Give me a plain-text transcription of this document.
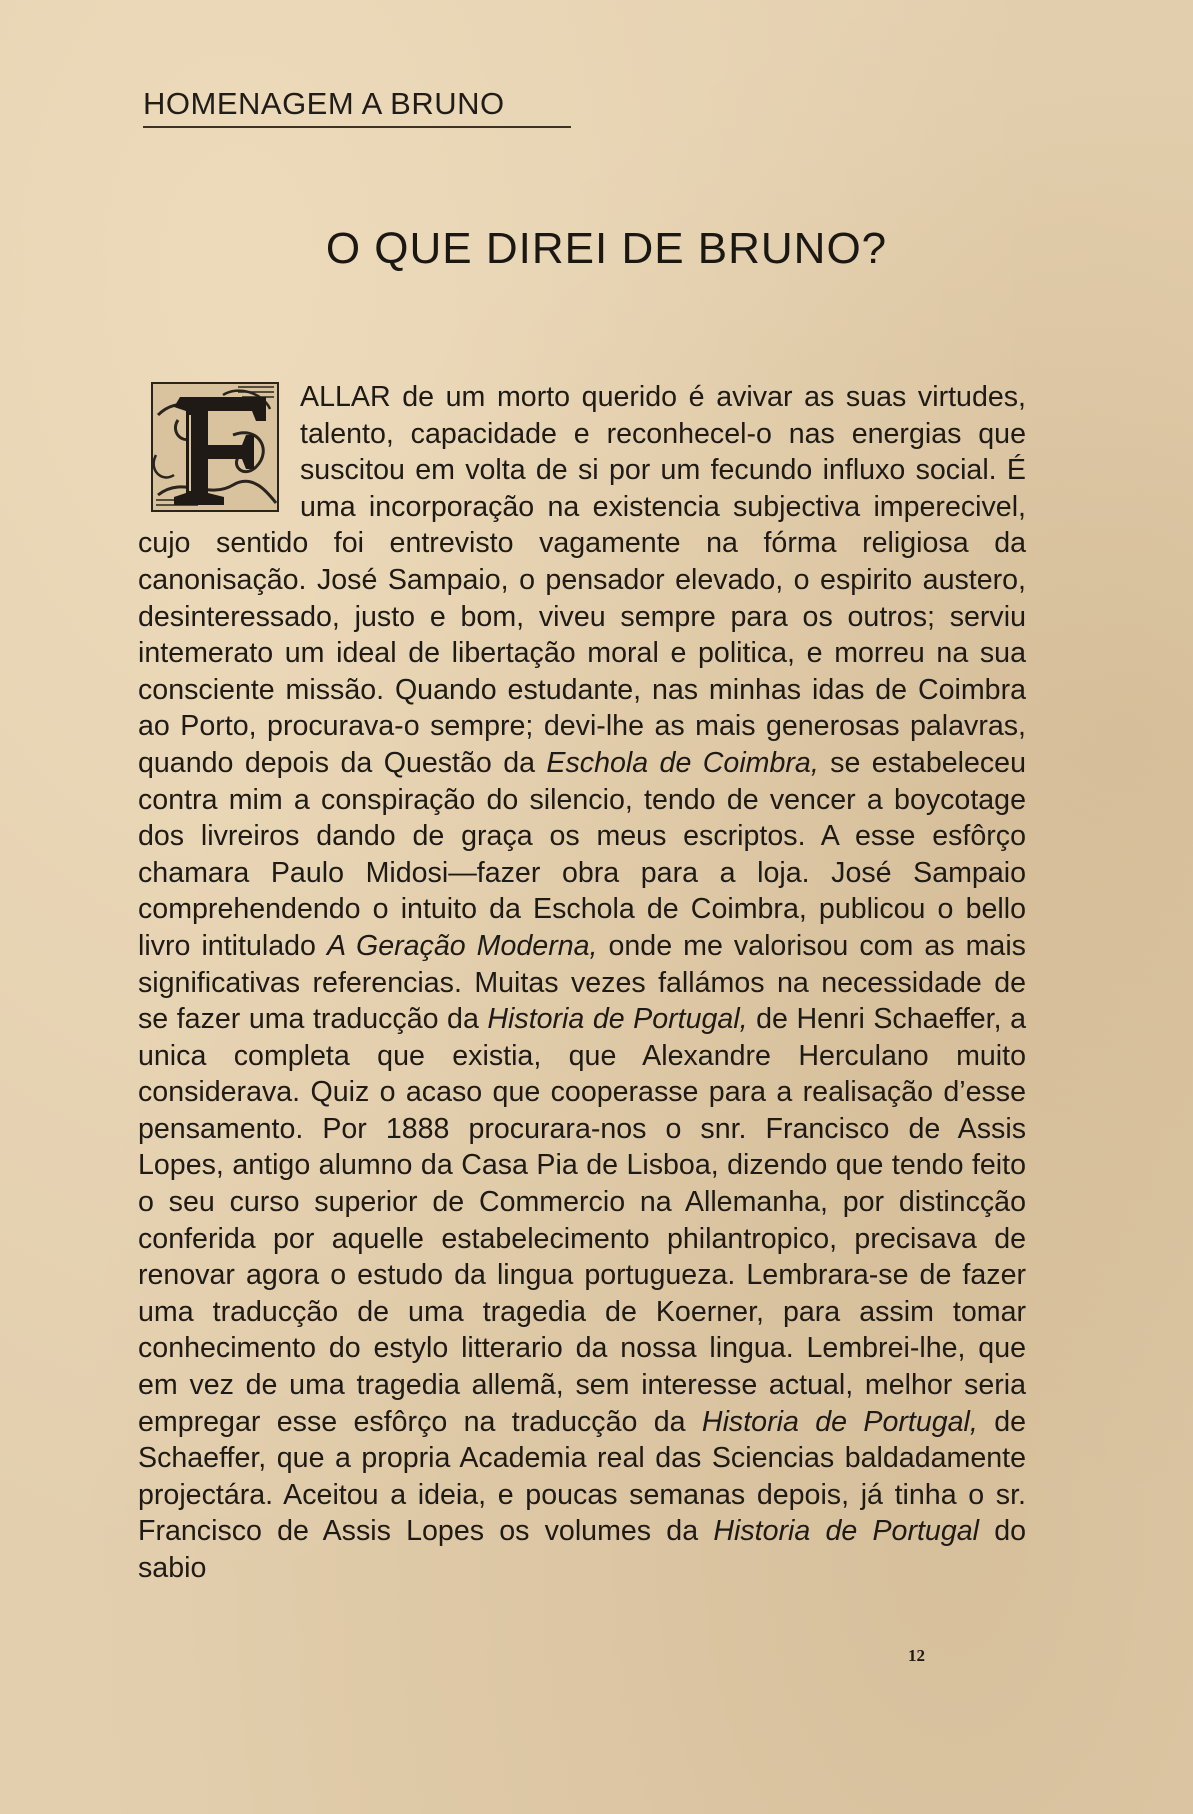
HOMENAGEM A BRUNO
O QUE DIREI DE BRUNO?

ALLAR de um morto querido é avivar as suas virtudes, talento, capacidade e reconhecel-o nas energias que suscitou em volta de si por um fecundo influxo social. É uma incorporação na existencia subjectiva imperecivel, cujo sentido foi entrevisto vagamente na fórma religiosa da canonisação. José Sampaio, o pensador elevado, o espirito austero, desinteressado, justo e bom, viveu sempre para os outros; serviu intemerato um ideal de libertação moral e politica, e morreu na sua consciente missão. Quando estudante, nas minhas idas de Coimbra ao Porto, procurava-o sempre; devi-lhe as mais generosas palavras, quando depois da Questão da Eschola de Coimbra, se estabeleceu contra mim a conspiração do silencio, tendo de vencer a boycotage dos livreiros dando de graça os meus escriptos. A esse esfôrço chamara Paulo Midosi—fazer obra para a loja. José Sampaio comprehendendo o intuito da Eschola de Coimbra, publicou o bello livro intitulado A Geração Moderna, onde me valorisou com as mais significativas referencias. Muitas vezes fallámos na necessidade de se fazer uma traducção da Historia de Portugal, de Henri Schaeffer, a unica completa que existia, que Alexandre Herculano muito considerava. Quiz o acaso que cooperasse para a realisação d’esse pensamento. Por 1888 procurara-nos o snr. Francisco de Assis Lopes, antigo alumno da Casa Pia de Lisboa, dizendo que tendo feito o seu curso superior de Commercio na Allemanha, por distincção conferida por aquelle estabelecimento philantropico, precisava de renovar agora o estudo da lingua portugueza. Lembrara-se de fazer uma traducção de uma tragedia de Koerner, para assim tomar conhecimento do estylo litterario da nossa lingua. Lembrei-lhe, que em vez de uma tragedia allemã, sem interesse actual, melhor seria empregar esse esfôrço na traducção da Historia de Portugal, de Schaeffer, que a propria Academia real das Sciencias baldadamente projectára. Aceitou a ideia, e poucas semanas depois, já tinha o sr. Francisco de Assis Lopes os volumes da Historia de Portugal do sabio

12
